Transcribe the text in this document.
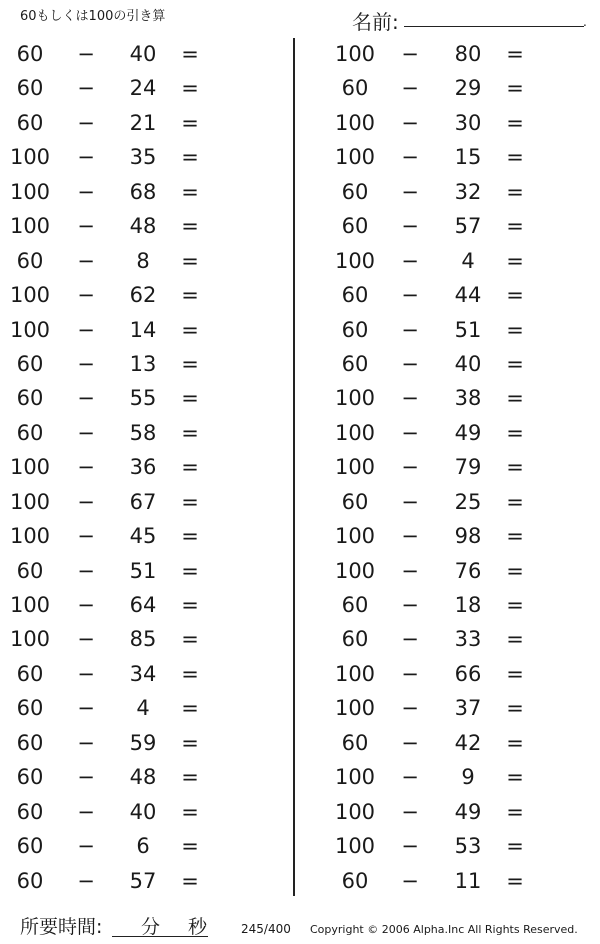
60もしくは100の引き算	名前:	.
60	−	40	=
60	−	24	=
60	−	21	=
100	−	35	=
100	−	68	=
100	−	48	=
60	−	8	=
100	−	62	=
100	−	14	=
60	−	13	=
60	−	55	=
60	−	58	=
100	−	36	=
100	−	67	=
100	−	45	=
60	−	51	=
100	−	64	=
100	−	85	=
60	−	34	=
60	−	4	=
60	−	59	=
60	−	48	=
60	−	40	=
60	−	6	=
60	−	57	=
100	−	80	=
60	−	29	=
100	−	30	=
100	−	15	=
60	−	32	=
60	−	57	=
100	−	4	=
60	−	44	=
60	−	51	=
60	−	40	=
100	−	38	=
100	−	49	=
100	−	79	=
60	−	25	=
100	−	98	=
100	−	76	=
60	−	18	=
60	−	33	=
100	−	66	=
100	−	37	=
60	−	42	=
100	−	9	=
100	−	49	=
100	−	53	=
60	−	11	=
所要時間: 分 秒	245/400 Copyright © 2006 Alpha.Inc All Rights Reserved.
